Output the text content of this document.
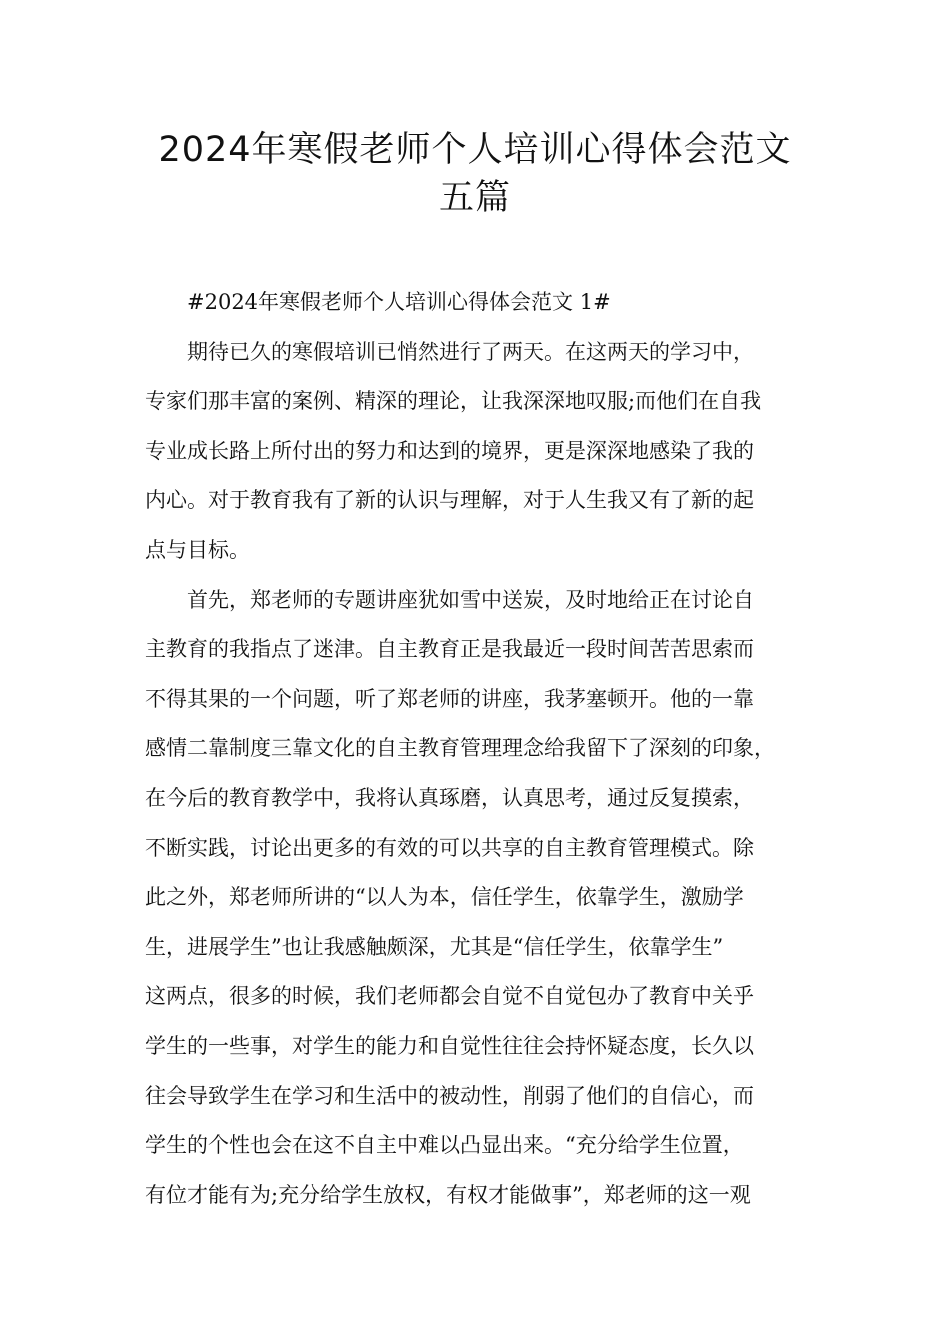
2024年寒假老师个人培训心得体会范文
五篇
#2024年寒假老师个人培训心得体会范文 1#
期待已久的寒假培训已悄然进行了两天。在这两天的学习中，
专家们那丰富的案例、精深的理论，让我深深地叹服;而他们在自我
专业成长路上所付出的努力和达到的境界，更是深深地感染了我的
内心。对于教育我有了新的认识与理解，对于人生我又有了新的起
点与目标。
首先，郑老师的专题讲座犹如雪中送炭，及时地给正在讨论自
主教育的我指点了迷津。自主教育正是我最近一段时间苦苦思索而
不得其果的一个问题，听了郑老师的讲座，我茅塞顿开。他的一靠
感情二靠制度三靠文化的自主教育管理理念给我留下了深刻的印象，
在今后的教育教学中，我将认真琢磨，认真思考，通过反复摸索，
不断实践，讨论出更多的有效的可以共享的自主教育管理模式。除
此之外，郑老师所讲的“以人为本，信任学生，依靠学生，激励学
生，进展学生”也让我感触颇深，尤其是“信任学生，依靠学生”
这两点，很多的时候，我们老师都会自觉不自觉包办了教育中关乎
学生的一些事，对学生的能力和自觉性往往会持怀疑态度，长久以
往会导致学生在学习和生活中的被动性，削弱了他们的自信心，而
学生的个性也会在这不自主中难以凸显出来。“充分给学生位置，
有位才能有为;充分给学生放权，有权才能做事”，郑老师的这一观
